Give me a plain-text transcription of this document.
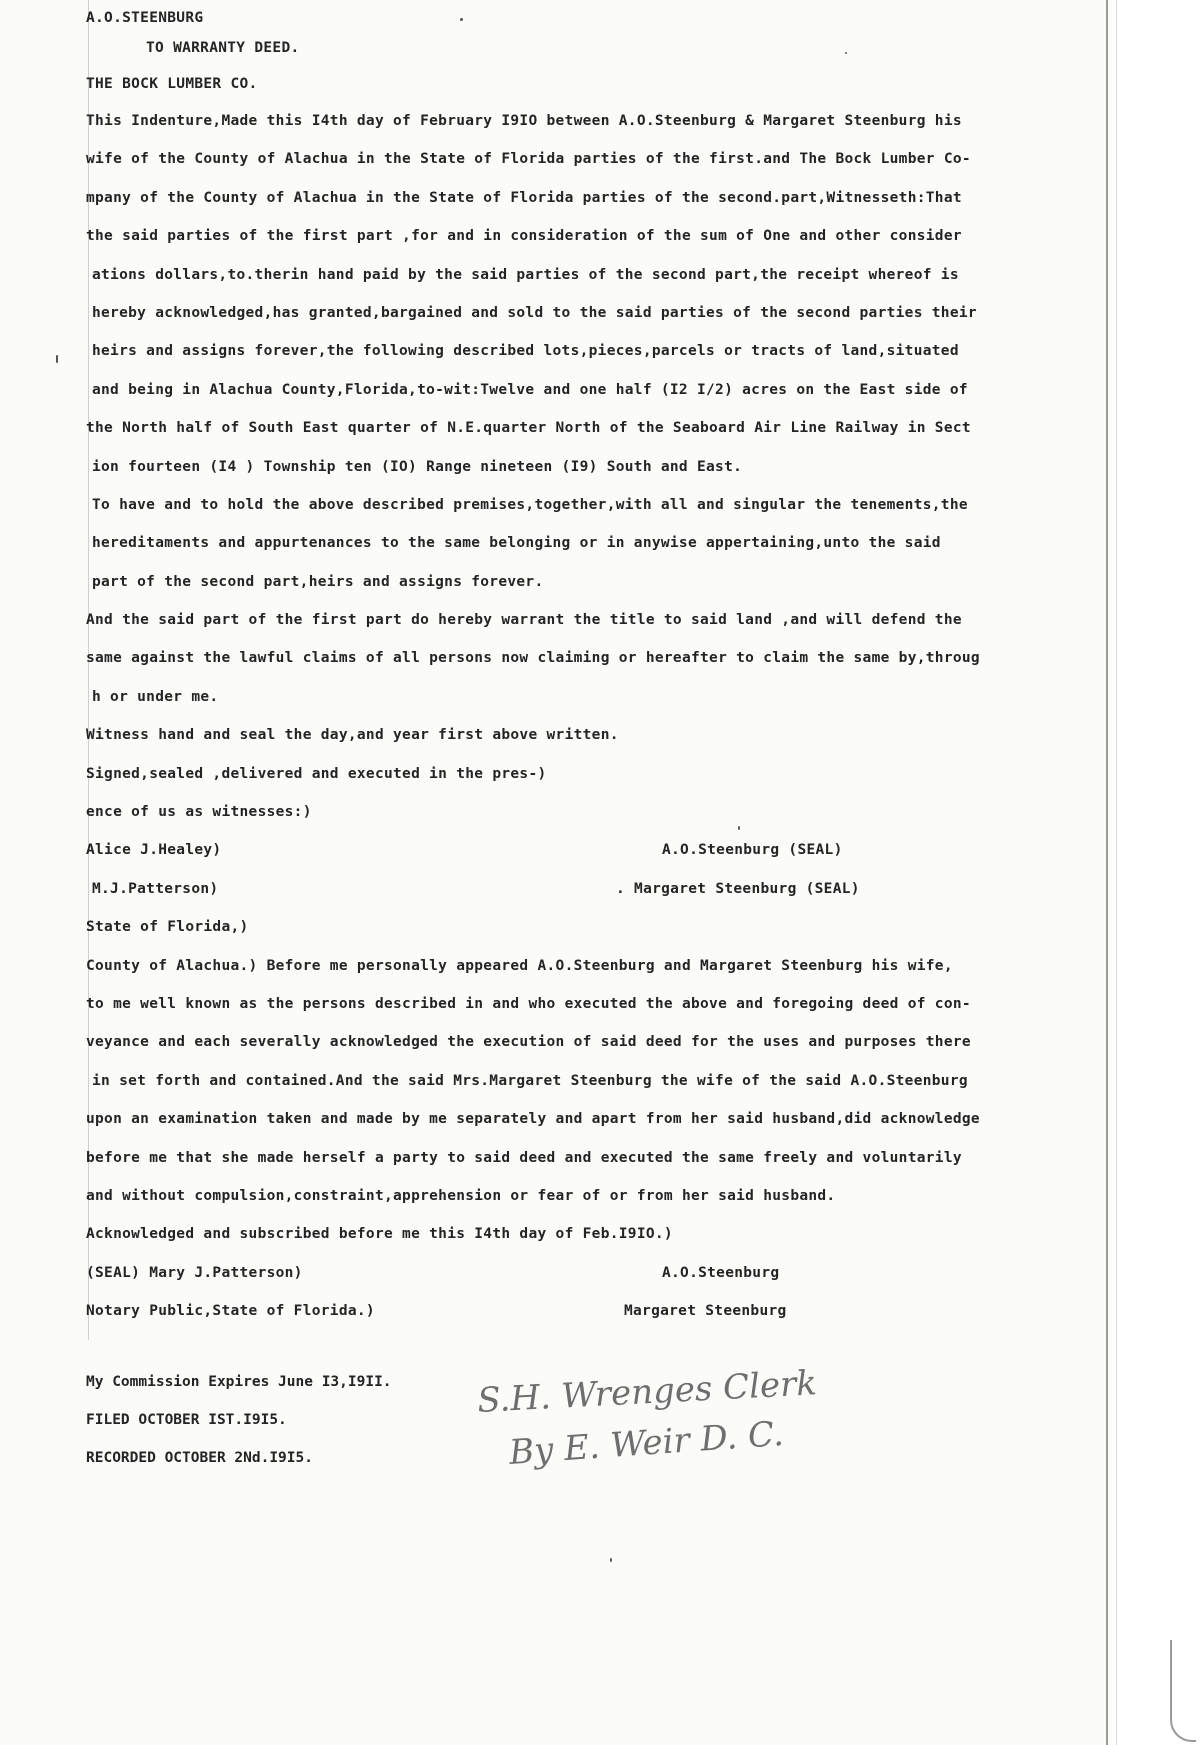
A.O.STEENBURG
TO WARRANTY DEED.
THE BOCK LUMBER CO.
This Indenture,Made this I4th day of February I9IO between A.O.Steenburg & Margaret Steenburg his
wife of the County of Alachua in the State of Florida parties of the first.and The Bock Lumber Co-
mpany of the County of Alachua in the State of Florida parties of the second.part,Witnesseth:That
the said parties of the first part ,for and in consideration of the sum of One and other consider
ations dollars,to.therin hand paid by the said parties of the second part,the receipt whereof is
hereby acknowledged,has granted,bargained and sold to the said parties of the second parties their
heirs and assigns forever,the following described lots,pieces,parcels or tracts of land,situated
and being in Alachua County,Florida,to-wit:Twelve and one half (I2 I/2) acres on the East side of
the North half of South East quarter of N.E.quarter North of the Seaboard Air Line Railway in Sect
ion fourteen (I4 ) Township ten (IO) Range nineteen (I9) South and East.
To have and to hold the above described premises,together,with all and singular the tenements,the
hereditaments and appurtenances to the same belonging or in anywise appertaining,unto the said
part of the second part,heirs and assigns forever.
And the said part of the first part do hereby warrant the title to said land ,and will defend the
same against the lawful claims of all persons now claiming or hereafter to claim the same by,throug
h or under me.
Witness hand and seal the day,and year first above written.
Signed,sealed ,delivered and executed in the pres-)
ence of us as witnesses:)
Alice J.Healey)	A.O.Steenburg (SEAL)
M.J.Patterson)	. Margaret Steenburg (SEAL)
State of Florida,)
County of Alachua.) Before me personally appeared A.O.Steenburg and Margaret Steenburg his wife,
to me well known as the persons described in and who executed the above and foregoing deed of con-
veyance and each severally acknowledged the execution of said deed for the uses and purposes there
in set forth and contained.And the said Mrs.Margaret Steenburg the wife of the said A.O.Steenburg
upon an examination taken and made by me separately and apart from her said husband,did acknowledge
before me that she made herself a party to said deed and executed the same freely and voluntarily
and without compulsion,constraint,apprehension or fear of or from her said husband.
Acknowledged and subscribed before me this I4th day of Feb.I9IO.)
(SEAL) Mary J.Patterson)	A.O.Steenburg
Notary Public,State of Florida.)	Margaret Steenburg
My Commission Expires June I3,I9II.
FILED OCTOBER IST.I9I5.
RECORDED OCTOBER 2Nd.I9I5.
S.H. Wrenges Clerk
By E. Weir D. C.
